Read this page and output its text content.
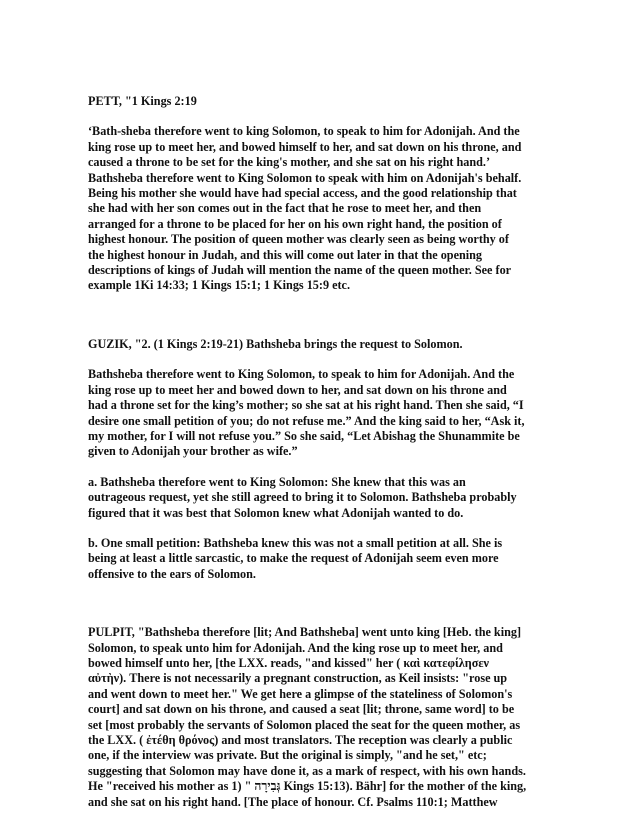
PETT, "1 Kings 2:19

‘Bath-sheba therefore went to king Solomon, to speak to him for Adonijah. And the
king rose up to meet her, and bowed himself to her, and sat down on his throne, and
caused a throne to be set for the king's mother, and she sat on his right hand.’
Bathsheba therefore went to King Solomon to speak with him on Adonijah's behalf.
Being his mother she would have had special access, and the good relationship that
she had with her son comes out in the fact that he rose to meet her, and then
arranged for a throne to be placed for her on his own right hand, the position of
highest honour. The position of queen mother was clearly seen as being worthy of
the highest honour in Judah, and this will come out later in that the opening
descriptions of kings of Judah will mention the name of the queen mother. See for
example 1Ki 14:33; 1 Kings 15:1; 1 Kings 15:9 etc.

GUZIK, "2. (1 Kings 2:19-21) Bathsheba brings the request to Solomon.

Bathsheba therefore went to King Solomon, to speak to him for Adonijah. And the
king rose up to meet her and bowed down to her, and sat down on his throne and
had a throne set for the king’s mother; so she sat at his right hand. Then she said, “I
desire one small petition of you; do not refuse me.” And the king said to her, “Ask it,
my mother, for I will not refuse you.” So she said, “Let Abishag the Shunammite be
given to Adonijah your brother as wife.”
a. Bathsheba therefore went to King Solomon: She knew that this was an
outrageous request, yet she still agreed to bring it to Solomon. Bathsheba probably
figured that it was best that Solomon knew what Adonijah wanted to do.
b. One small petition: Bathsheba knew this was not a small petition at all. She is
being at least a little sarcastic, to make the request of Adonijah seem even more
offensive to the ears of Solomon.
PULPIT, "Bathsheba therefore [lit; And Bathsheba] went unto king [Heb. the king]
Solomon, to speak unto him for Adonijah. And the king rose up to meet her, and
bowed himself unto her, [the LXX. reads, "and kissed" her ( καὶ κατεφίλησεν
αὐτὴν). There is not necessarily a pregnant construction, as Keil insists: "rose up
and went down to meet her." We get here a glimpse of the stateliness of Solomon's
court] and sat down on his throne, and caused a seat [lit; throne, same word] to be
set [most probably the servants of Solomon placed the seat for the queen mother, as
the LXX. ( ἐτέθη θρόνος) and most translators. The reception was clearly a public
one, if the interview was private. But the original is simply, "and he set," etc;
suggesting that Solomon may have done it, as a mark of respect, with his own hands.
He "received his mother as 1) " גְּבִירָה Kings 15:13). Bähr] for the mother of the king,
and she sat on his right hand. [The place of honour. Cf. Psalms 110:1; Matthew
